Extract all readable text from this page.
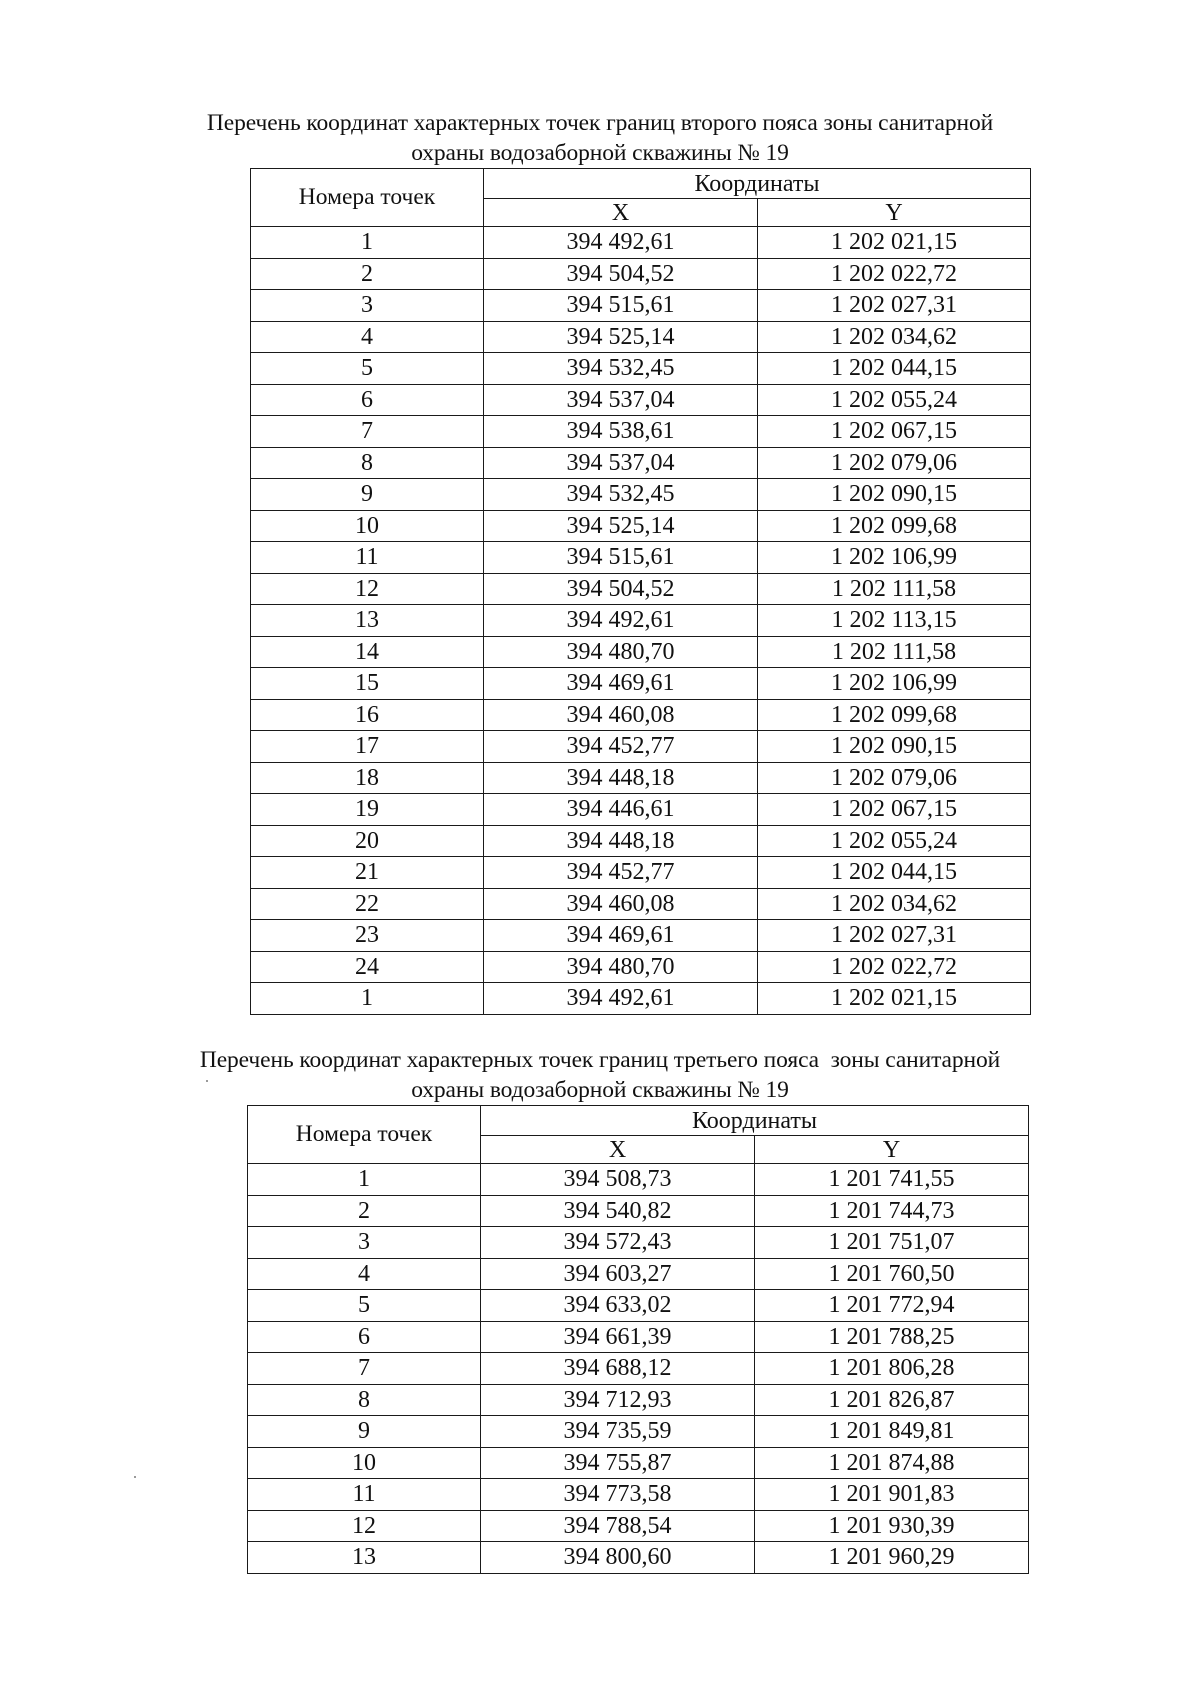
Перечень координат характерных точек границ второго пояса зоны санитарной
охраны водозаборной скважины № 19
Номера точек	Координаты	
	X	Y
1	394 492,61	1 202 021,15
2	394 504,52	1 202 022,72
3	394 515,61	1 202 027,31
4	394 525,14	1 202 034,62
5	394 532,45	1 202 044,15
6	394 537,04	1 202 055,24
7	394 538,61	1 202 067,15
8	394 537,04	1 202 079,06
9	394 532,45	1 202 090,15
10	394 525,14	1 202 099,68
11	394 515,61	1 202 106,99
12	394 504,52	1 202 111,58
13	394 492,61	1 202 113,15
14	394 480,70	1 202 111,58
15	394 469,61	1 202 106,99
16	394 460,08	1 202 099,68
17	394 452,77	1 202 090,15
18	394 448,18	1 202 079,06
19	394 446,61	1 202 067,15
20	394 448,18	1 202 055,24
21	394 452,77	1 202 044,15
22	394 460,08	1 202 034,62
23	394 469,61	1 202 027,31
24	394 480,70	1 202 022,72
1	394 492,61	1 202 021,15
Перечень координат характерных точек границ третьего пояса  зоны санитарной
охраны водозаборной скважины № 19
Номера точек	Координаты	
	X	Y
1	394 508,73	1 201 741,55
2	394 540,82	1 201 744,73
3	394 572,43	1 201 751,07
4	394 603,27	1 201 760,50
5	394 633,02	1 201 772,94
6	394 661,39	1 201 788,25
7	394 688,12	1 201 806,28
8	394 712,93	1 201 826,87
9	394 735,59	1 201 849,81
10	394 755,87	1 201 874,88
11	394 773,58	1 201 901,83
12	394 788,54	1 201 930,39
13	394 800,60	1 201 960,29
